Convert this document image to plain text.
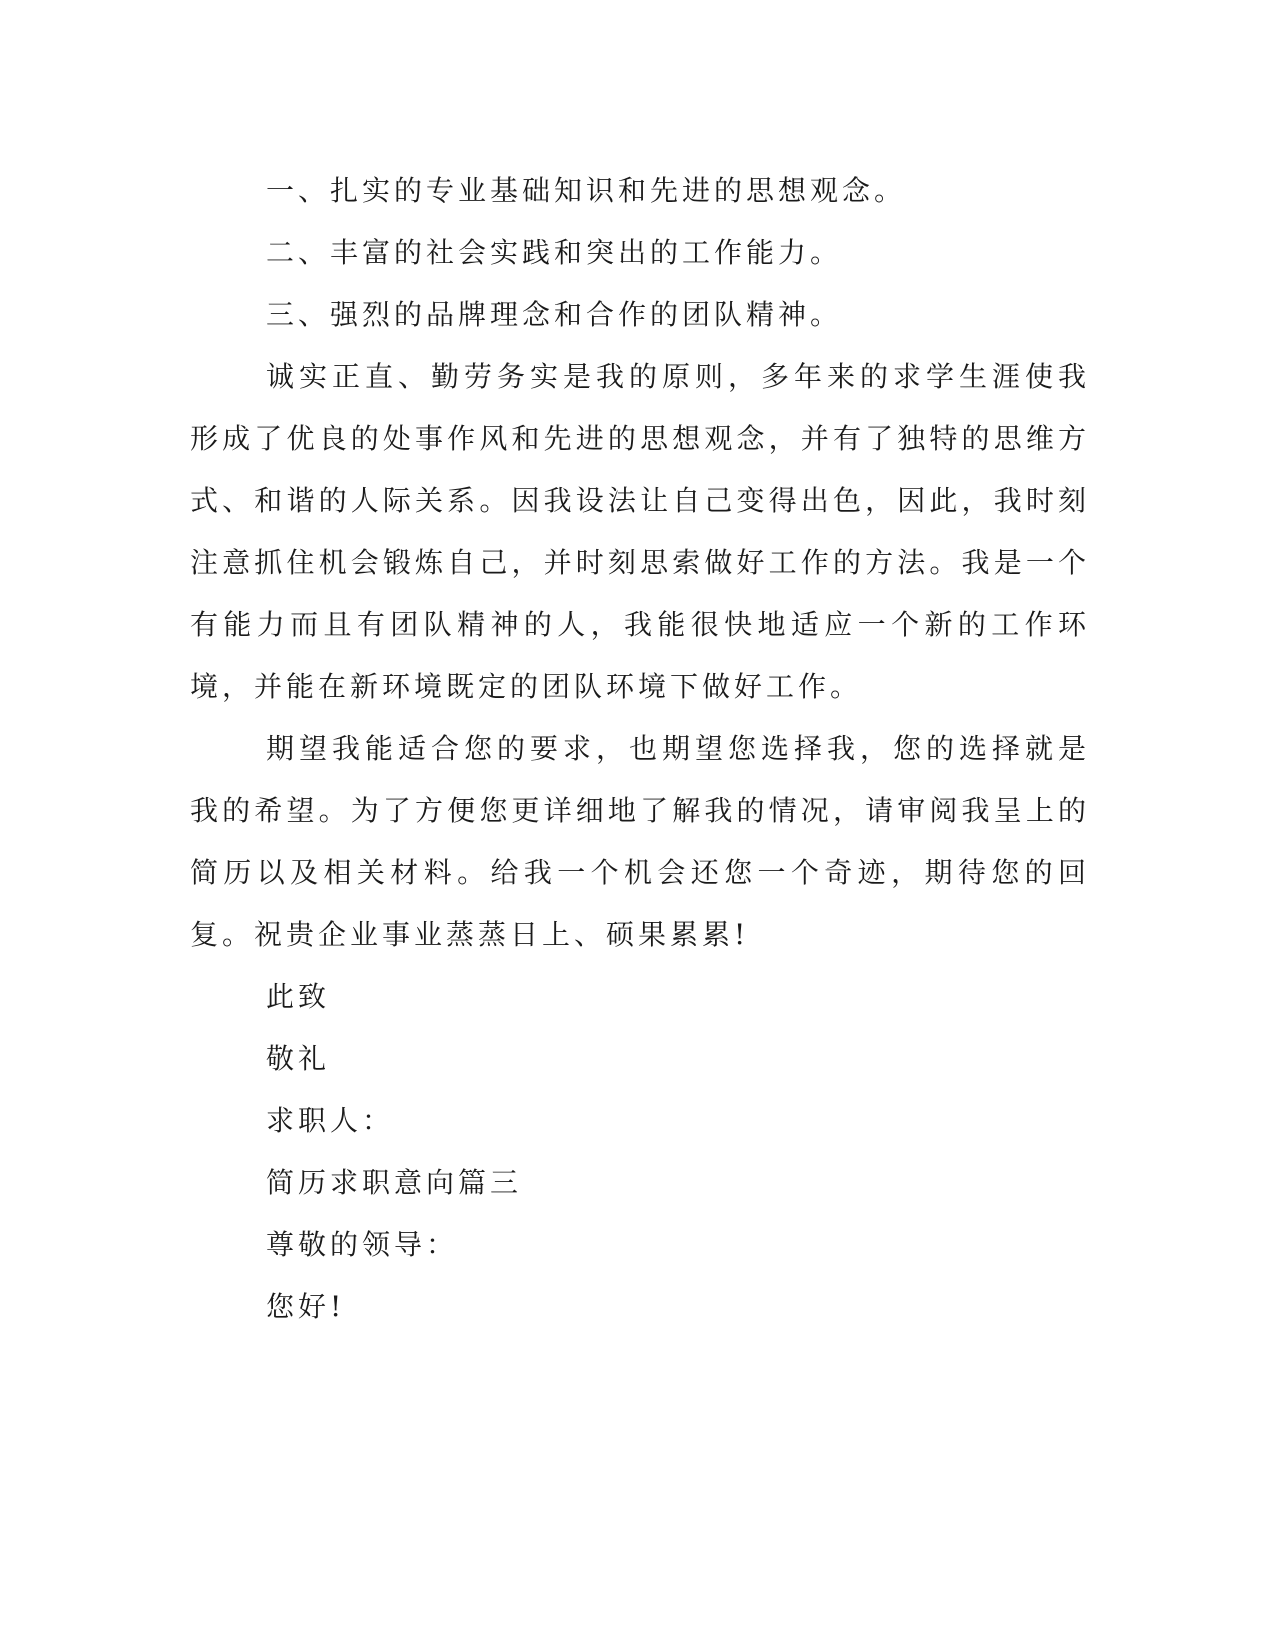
一、扎实的专业基础知识和先进的思想观念。

二、丰富的社会实践和突出的工作能力。

三、强烈的品牌理念和合作的团队精神。

诚实正直、勤劳务实是我的原则，多年来的求学生涯使我形成了优良的处事作风和先进的思想观念，并有了独特的思维方式、和谐的人际关系。因我设法让自己变得出色，因此，我时刻注意抓住机会锻炼自己，并时刻思索做好工作的方法。我是一个有能力而且有团队精神的人，我能很快地适应一个新的工作环境，并能在新环境既定的团队环境下做好工作。

期望我能适合您的要求，也期望您选择我，您的选择就是我的希望。为了方便您更详细地了解我的情况，请审阅我呈上的简历以及相关材料。给我一个机会还您一个奇迹，期待您的回复。祝贵企业事业蒸蒸日上、硕果累累!

此致

敬礼

求职人：

简历求职意向篇三

尊敬的领导：

您好!
